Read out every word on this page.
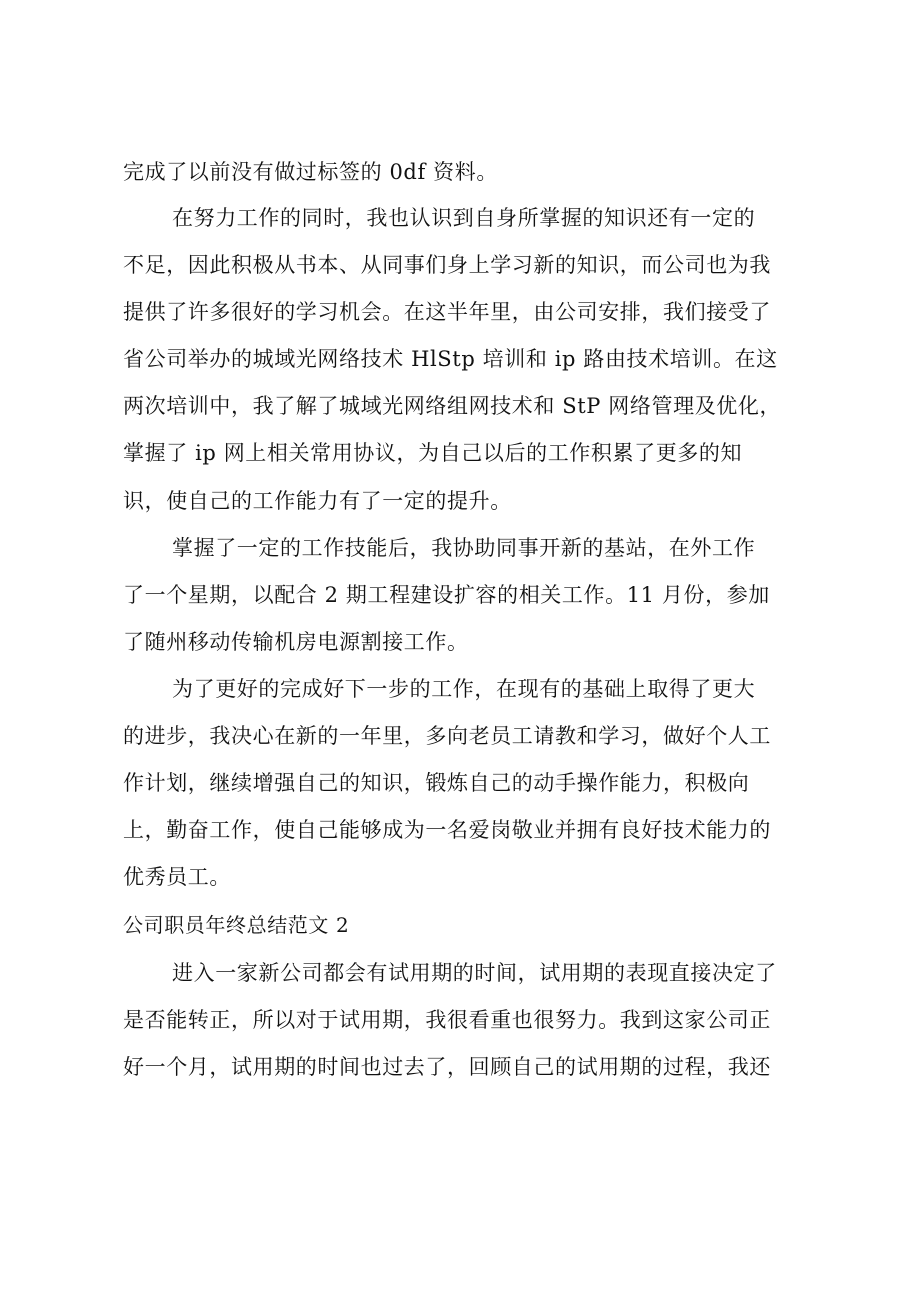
完成了以前没有做过标签的 0df 资料。
在努力工作的同时，我也认识到自身所掌握的知识还有一定的
不足，因此积极从书本、从同事们身上学习新的知识，而公司也为我
提供了许多很好的学习机会。在这半年里，由公司安排，我们接受了
省公司举办的城域光网络技术 HlStp 培训和 ip 路由技术培训。在这
两次培训中，我了解了城域光网络组网技术和 StP 网络管理及优化，
掌握了 ip 网上相关常用协议，为自己以后的工作积累了更多的知
识，使自己的工作能力有了一定的提升。
掌握了一定的工作技能后，我协助同事开新的基站，在外工作
了一个星期，以配合 2 期工程建设扩容的相关工作。11 月份，参加
了随州移动传输机房电源割接工作。
为了更好的完成好下一步的工作，在现有的基础上取得了更大
的进步，我决心在新的一年里，多向老员工请教和学习，做好个人工
作计划，继续增强自己的知识，锻炼自己的动手操作能力，积极向
上，勤奋工作，使自己能够成为一名爱岗敬业并拥有良好技术能力的
优秀员工。
公司职员年终总结范文 2
进入一家新公司都会有试用期的时间，试用期的表现直接决定了
是否能转正，所以对于试用期，我很看重也很努力。我到这家公司正
好一个月，试用期的时间也过去了，回顾自己的试用期的过程，我还
